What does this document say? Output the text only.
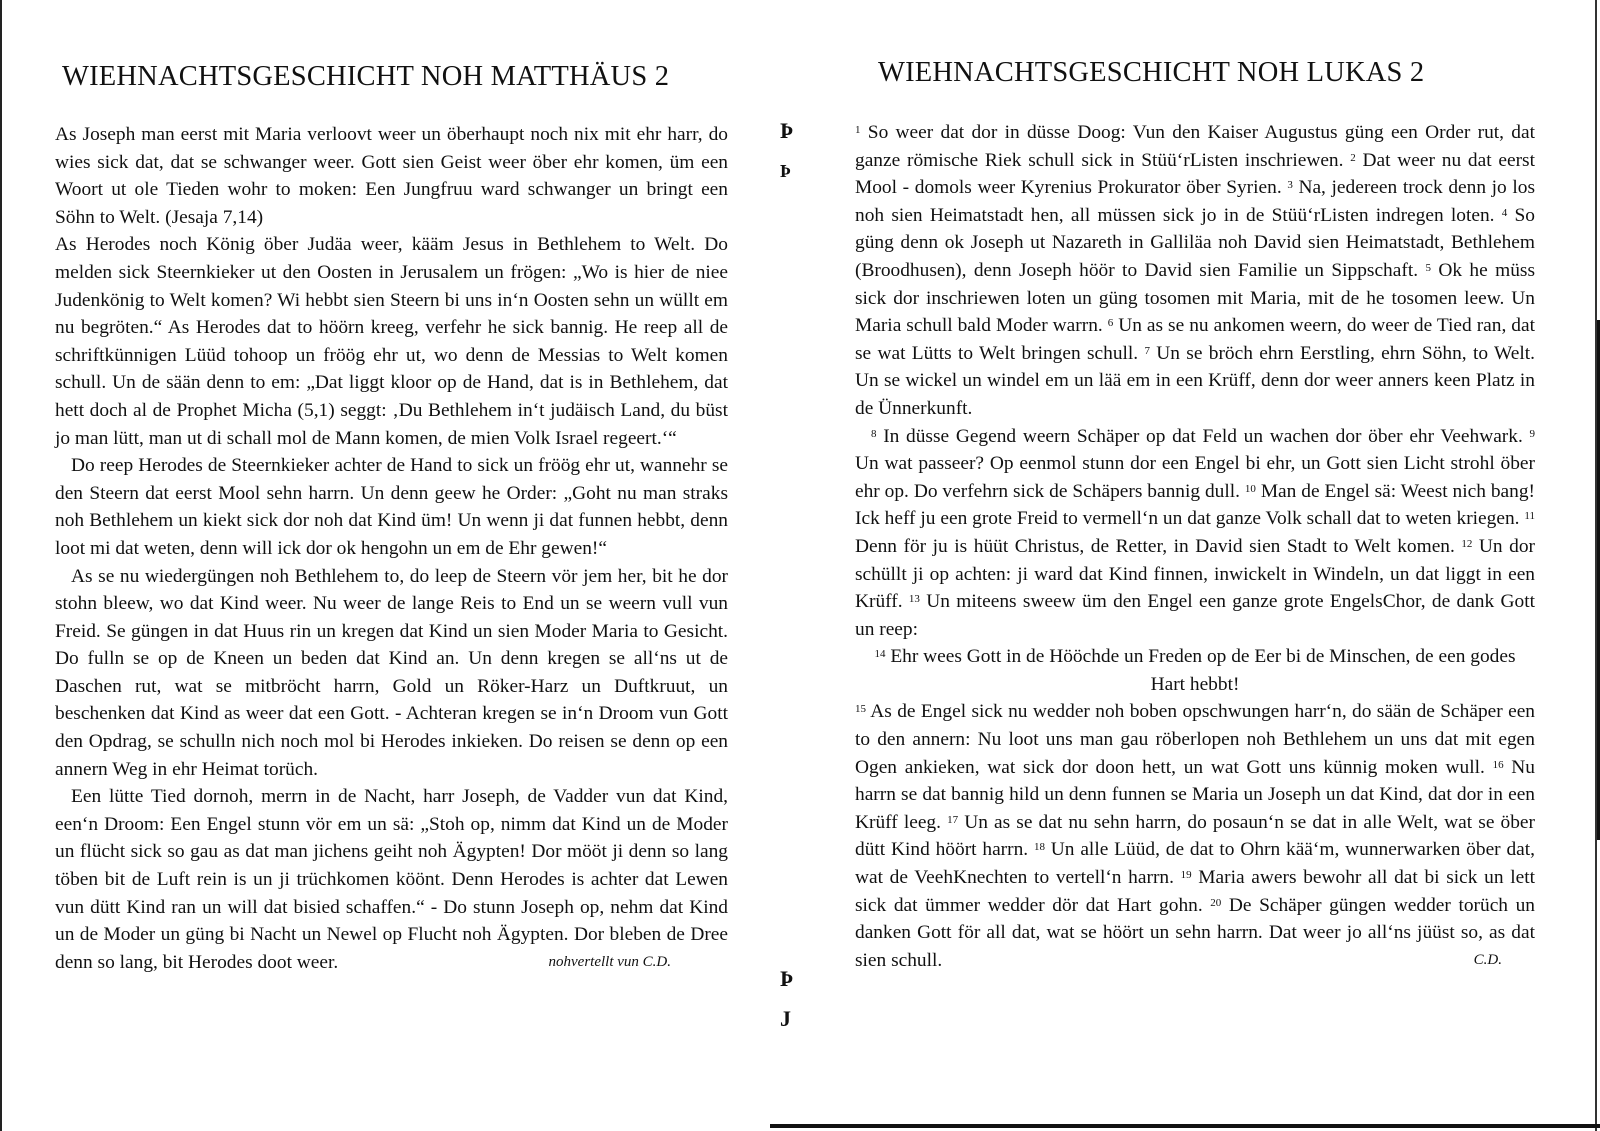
Þ
Þ
Þ
J
WIEHNACHTSGESCHICHT NOH MATTHÄUS 2

As Joseph man eerst mit Maria verloovt weer un öberhaupt noch nix mit ehr harr, do wies sick dat, dat se schwanger weer. Gott sien Geist weer öber ehr komen, üm een Woort ut ole Tieden wohr to moken: Een Jungfruu ward schwanger un bringt een Söhn to Welt. (Jesaja 7,14)

As Herodes noch König öber Judäa weer, kääm Jesus in Bethlehem to Welt. Do melden sick Steernkieker ut den Oosten in Jerusalem un frögen: „Wo is hier de niee Judenkönig to Welt komen? Wi hebbt sien Steern bi uns in‘n Oosten sehn un wüllt em nu begröten.“ As Herodes dat to höörn kreeg, verfehr he sick bannig. He reep all de schriftkünnigen Lüüd tohoop un fröög ehr ut, wo denn de Messias to Welt komen schull. Un de sään denn to em: „Dat liggt kloor op de Hand, dat is in Bethlehem, dat hett doch al de Prophet Micha (5,1) seggt: ‚Du Bethlehem in‘t judäisch Land, du büst jo man lütt, man ut di schall mol de Mann komen, de mien Volk Israel regeert.‘“

Do reep Herodes de Steernkieker achter de Hand to sick un fröög ehr ut, wannehr se den Steern dat eerst Mool sehn harrn. Un denn geew he Order: „Goht nu man straks noh Bethlehem un kiekt sick dor noh dat Kind üm! Un wenn ji dat funnen hebbt, denn loot mi dat weten, denn will ick dor ok hengohn un em de Ehr gewen!“

As se nu wiedergüngen noh Bethlehem to, do leep de Steern vör jem her, bit he dor stohn bleew, wo dat Kind weer. Nu weer de lange Reis to End un se weern vull vun Freid. Se güngen in dat Huus rin un kregen dat Kind un sien Moder Maria to Gesicht. Do fulln se op de Kneen un beden dat Kind an. Un denn kregen se all‘ns ut de Daschen rut, wat se mitbröcht harrn, Gold un Röker-Harz un Duftkruut, un beschenken dat Kind as weer dat een Gott. - Achteran kregen se in‘n Droom vun Gott den Opdrag, se schulln nich noch mol bi Herodes inkieken. Do reisen se denn op een annern Weg in ehr Heimat torüch.

Een lütte Tied dornoh, merrn in de Nacht, harr Joseph, de Vadder vun dat Kind, een‘n Droom: Een Engel stunn vör em un sä: „Stoh op, nimm dat Kind un de Moder un flücht sick so gau as dat man jichens geiht noh Ägypten! Dor mööt ji denn so lang töben bit de Luft rein is un ji trüchkomen köönt. Denn Herodes is achter dat Lewen vun dütt Kind ran un will dat bisied schaffen.“ - Do stunn Joseph op, nehm dat Kind un de Moder un güng bi Nacht un Newel op Flucht noh Ägypten. Dor bleben de Dree denn so lang, bit Herodes doot weer.	nohvertellt vun C.D.

WIEHNACHTSGESCHICHT NOH LUKAS 2

$^1$ So weer dat dor in düsse Doog: Vun den Kaiser Augustus güng een Order rut, dat ganze römische Riek schull sick in Stüü‘rListen inschriewen. $^2$ Dat weer nu dat eerst Mool - domols weer Kyrenius Prokurator öber Syrien. $^3$ Na, jedereen trock denn jo los noh sien Heimatstadt hen, all müssen sick jo in de Stüü‘rListen indregen loten. $^4$ So güng denn ok Joseph ut Nazareth in Galliläa noh David sien Heimatstadt, Bethlehem (Broodhusen), denn Joseph höör to David sien Familie un Sippschaft. $^5$ Ok he müss sick dor inschriewen loten un güng tosomen mit Maria, mit de he tosomen leew. Un Maria schull bald Moder warrn. $^6$ Un as se nu ankomen weern, do weer de Tied ran, dat se wat Lütts to Welt bringen schull. $^7$ Un se bröch ehrn Eerstling, ehrn Söhn, to Welt. Un se wickel un windel em un lää em in een Krüff, denn dor weer anners keen Platz in de Ünnerkunft.

$^8$ In düsse Gegend weern Schäper op dat Feld un wachen dor öber ehr Veehwark. $^9$ Un wat passeer? Op eenmol stunn dor een Engel bi ehr, un Gott sien Licht strohl öber ehr op. Do verfehrn sick de Schäpers bannig dull. $^{10}$ Man de Engel sä: Weest nich bang! Ick heff ju een grote Freid to vermell‘n un dat ganze Volk schall dat to weten kriegen. $^{11}$ Denn för ju is hüüt Christus, de Retter, in David sien Stadt to Welt komen. $^{12}$ Un dor schüllt ji op achten: ji ward dat Kind finnen, inwickelt in Windeln, un dat liggt in een Krüff. $^{13}$ Un miteens sweew üm den Engel een ganze grote EngelsChor, de dank Gott un reep:

$^{14}$ Ehr wees Gott in de Hööchde un Freden op de Eer bi de Minschen, de een godes Hart hebbt!

$^{15}$ As de Engel sick nu wedder noh boben opschwungen harr‘n, do sään de Schäper een to den annern: Nu loot uns man gau röberlopen noh Bethlehem un uns dat mit egen Ogen ankieken, wat sick dor doon hett, un wat Gott uns künnig moken wull. $^{16}$ Nu harrn se dat bannig hild un denn funnen se Maria un Joseph un dat Kind, dat dor in een Krüff leeg. $^{17}$ Un as se dat nu sehn harrn, do posaun‘n se dat in alle Welt, wat se öber dütt Kind höört harrn. $^{18}$ Un alle Lüüd, de dat to Ohrn kää‘m, wunnerwarken öber dat, wat de VeehKnechten to vertell‘n harrn. $^{19}$ Maria awers bewohr all dat bi sick un lett sick dat ümmer wedder dör dat Hart gohn. $^{20}$ De Schäper güngen wedder torüch un danken Gott för all dat, wat se höört un sehn harrn. Dat weer jo all‘ns jüüst so, as dat sien schull.	C.D.
